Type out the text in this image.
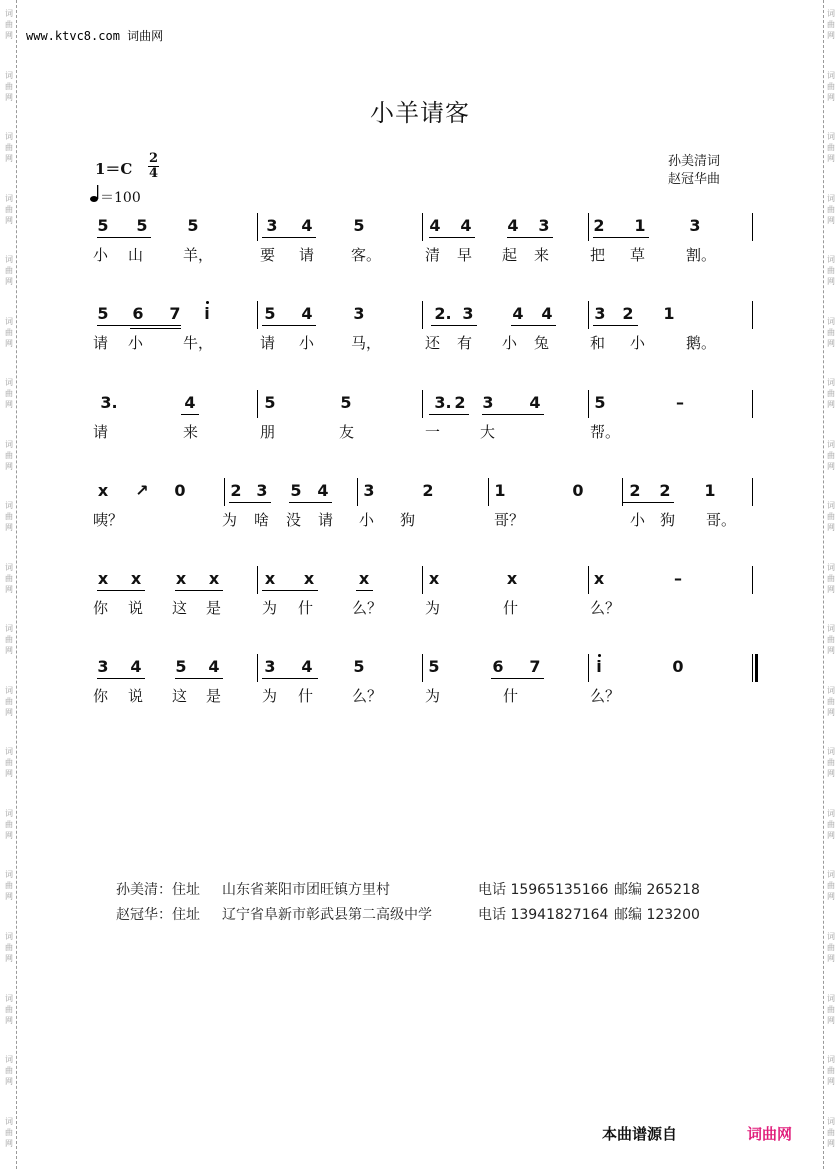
词
曲
网
词
曲
网
词
曲
网
词
曲
网
词
曲
网
词
曲
网
词
曲
网
词
曲
网
词
曲
网
词
曲
网
词
曲
网
词
曲
网
词
曲
网
词
曲
网
词
曲
网
词
曲
网
词
曲
网
词
曲
网
词
曲
网
词
曲
网
词
曲
网
词
曲
网
词
曲
网
词
曲
网
词
曲
网
词
曲
网
词
曲
网
词
曲
网
词
曲
网
词
曲
网
词
曲
网
词
曲
网
词
曲
网
词
曲
网
词
曲
网
词
曲
网
词
曲
网
词
曲
网
www.ktvc8.com 词曲网
小羊请客
1＝C
2
4
＝100
孙美清词
赵冠华曲
5 5 5	3 4	5	4 4 4 3	2 1	3
小 山	羊，	要 请 客。	清 早 起 来	把 草	割。
5 6 7	i	5 4	3	2. 3 4 4	3 2 1
请 小	牛，	请 小 马，	还 有 小 兔	和 小	鹅。
3.	4	5	5	3. 2 3 4	5	–
请	来	朋	友	一	大	帮。
x ↗ 0	2 3 5 4 3	2	1	0	2 2 1
咦？	为 啥 没 请 小 狗	哥？	小 狗 哥。
x x x x	x x	x	x	x	x	–
你 说 这 是	为 什	么？	为	什	么？
3 4 5 4	3 4	5	5	6 7	i	0
你 说 这 是	为 什	么？	为	什	么？
孙美清：住址 山东省莱阳市团旺镇方里村	电话 15965135166 邮编 265218
赵冠华：住址 辽宁省阜新市彰武县第二高级中学	电话 13941827164 邮编 123200
本曲谱源自	词曲网
